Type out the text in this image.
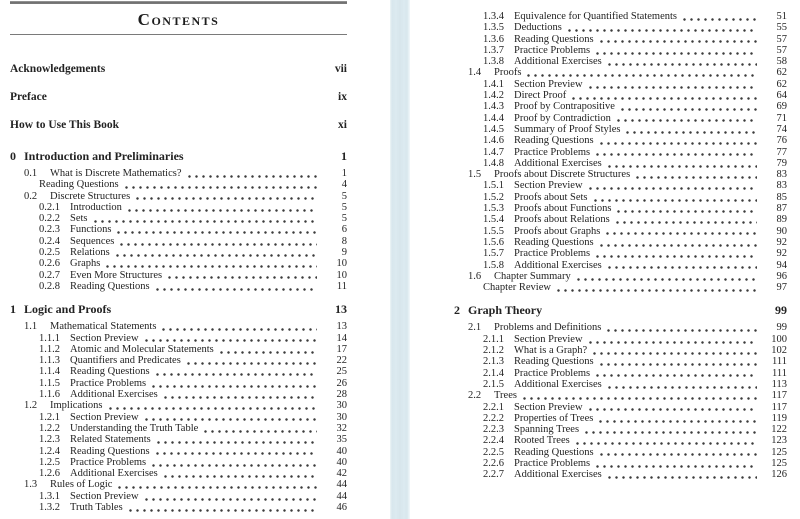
Contents
Acknowledgements	vii
Preface	ix
How to Use This Book	xi
0 Introduction and Preliminaries	1
0.1	What is Discrete Mathematics?	1
Reading Questions	4
0.2	Discrete Structures	5
0.2.1 Introduction	5
0.2.2 Sets	5
0.2.3 Functions	6
0.2.4 Sequences	8
0.2.5 Relations	9
0.2.6 Graphs	10
0.2.7 Even More Structures	10
0.2.8 Reading Questions	11
1 Logic and Proofs	13
1.1	Mathematical Statements	13
1.1.1 Section Preview	14
1.1.2 Atomic and Molecular Statements	17
1.1.3 Quantifiers and Predicates	22
1.1.4 Reading Questions	25
1.1.5 Practice Problems	26
1.1.6 Additional Exercises	28
1.2	Implications	30
1.2.1 Section Preview	30
1.2.2 Understanding the Truth Table	32
1.2.3 Related Statements	35
1.2.4 Reading Questions	40
1.2.5 Practice Problems	40
1.2.6 Additional Exercises	42
1.3	Rules of Logic	44
1.3.1 Section Preview	44
1.3.2 Truth Tables	46
1.3.4 Equivalence for Quantified Statements	51
1.3.5 Deductions	55
1.3.6 Reading Questions	57
1.3.7 Practice Problems	57
1.3.8 Additional Exercises	58
1.4	Proofs	62
1.4.1 Section Preview	62
1.4.2 Direct Proof	64
1.4.3 Proof by Contrapositive	69
1.4.4 Proof by Contradiction	71
1.4.5 Summary of Proof Styles	74
1.4.6 Reading Questions	76
1.4.7 Practice Problems	77
1.4.8 Additional Exercises	79
1.5	Proofs about Discrete Structures	83
1.5.1 Section Preview	83
1.5.2 Proofs about Sets	85
1.5.3 Proofs about Functions	87
1.5.4 Proofs about Relations	89
1.5.5 Proofs about Graphs	90
1.5.6 Reading Questions	92
1.5.7 Practice Problems	92
1.5.8 Additional Exercises	94
1.6	Chapter Summary	96
Chapter Review	97
2 Graph Theory	99
2.1	Problems and Definitions	99
2.1.1 Section Preview	100
2.1.2 What is a Graph?	102
2.1.3 Reading Questions	111
2.1.4 Practice Problems	111
2.1.5 Additional Exercises	113
2.2	Trees	117
2.2.1 Section Preview	117
2.2.2 Properties of Trees	119
2.2.3 Spanning Trees	122
2.2.4 Rooted Trees	123
2.2.5 Reading Questions	125
2.2.6 Practice Problems	125
2.2.7 Additional Exercises	126
